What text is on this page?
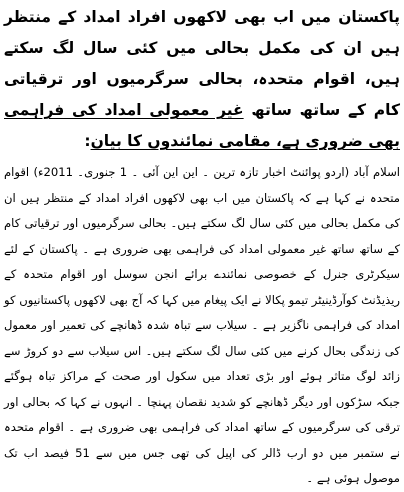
پاکستان میں اب بھی لاکھوں افراد امداد کے منتظر ہیں ان کی مکمل بحالی میں کئی سال لگ سکتے ہیں، اقوام متحدہ، بحالی سرگرمیوں اور ترقیاتی کام کے ساتھ ساتھ غیر معمولی امداد کی فراہمی بھی ضروری ہے، مقامی نمائندوں کا بیان:

اسلام آباد (اردو پوائنٹ اخبار تازہ ترین ۔ این این آئی ۔ 1 جنوری۔ 2011ء) اقوام متحدہ نے کہا ہے کہ پاکستان میں اب بھی لاکھوں افراد امداد کے منتظر ہیں ان کی مکمل بحالی میں کئی سال لگ سکتے ہیں۔ بحالی سرگرمیوں اور ترقیاتی کام کے ساتھ ساتھ غیر معمولی امداد کی فراہمی بھی ضروری ہے ۔ پاکستان کے لئے سیکرٹری جنرل کے خصوصی نمائندے برائے انجن سوسل اور اقوام متحدہ کے ریذیڈنٹ کوآرڈینیٹر تیمو پکالا نے ایک پیغام میں کہا کہ آج بھی لاکھوں پاکستانیوں کو امداد کی فراہمی ناگزیر ہے ۔ سیلاب سے تباہ شدہ ڈھانچے کی تعمیر اور معمول کی زندگی بحال کرنے میں کئی سال لگ سکتے ہیں۔ اس سیلاب سے دو کروڑ سے زائد لوگ متاثر ہوئے اور بڑی تعداد میں سکول اور صحت کے مراکز تباہ ہوگئے جبکہ سڑکوں اور دیگر ڈھانچے کو شدید نقصان پہنچا ۔ انہوں نے کہا کہ بحالی اور ترقی کی سرگرمیوں کے ساتھ امداد کی فراہمی بھی ضروری ہے ۔ اقوام متحدہ نے ستمبر میں دو ارب ڈالر کی اپیل کی تھی جس میں سے 51 فیصد اب تک موصول ہوئی ہے ۔
